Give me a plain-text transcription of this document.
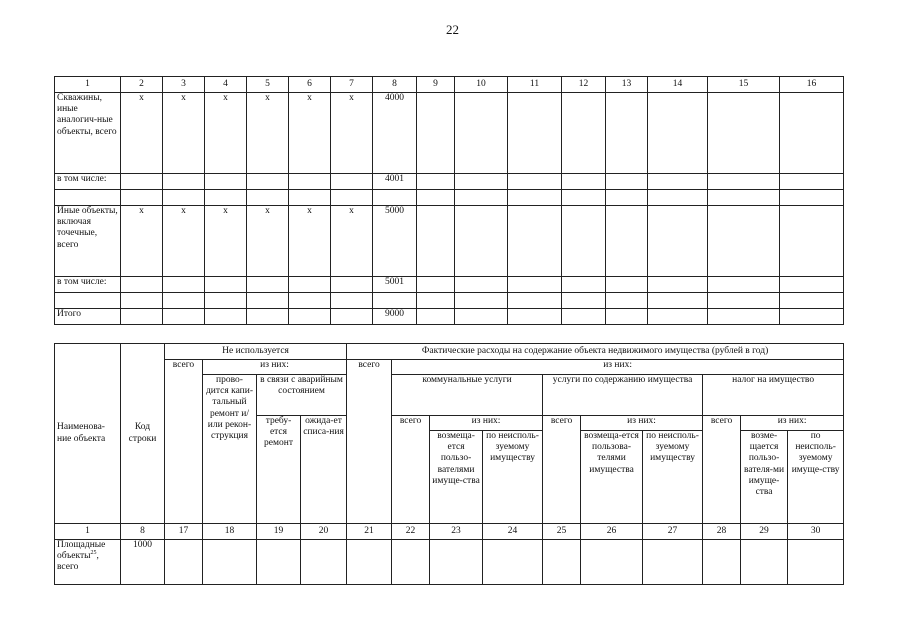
22
1	2	3	4	5	6	7	8	9	10	11	12	13	14	15	16
Скважины, иные аналогич-ные объекты, всего	х	х	х	х	х	х	4000								
в том числе:							4001								

Иные объекты, включая точечные, всего	х	х	х	х	х	х	5000								
в том числе:							5001								

Итого							9000								
Наименова-ние объекта	Код строки	Не используется				Фактические расходы на содержание объекта недвижимого имущества (рублей в год)									
		всего	из них:			всего	из них:								
			прово-дится капи-тальный ремонт и/или рекон-струкция	в связи с аварийным состоянием			коммунальные услуги			услуги по содержанию имущества			налог на имущество		
				требу-ется ремонт	ожида-ет списа-ния		всего	из них:		всего	из них:		всего	из них:	
								возмеща-ется пользо-вателями имуще-ства	по неисполь-зуемому имуществу		возмеща-ется пользова-телями имущества	по неисполь-зуемому имуществу		возме-щается пользо-вателя-ми имуще-ства	по неисполь-зуемому имуще-ству
1	8	17	18	19	20	21	22	23	24	25	26	27	28	29	30
Площадные объекты$^{25}$, всего	1000														
